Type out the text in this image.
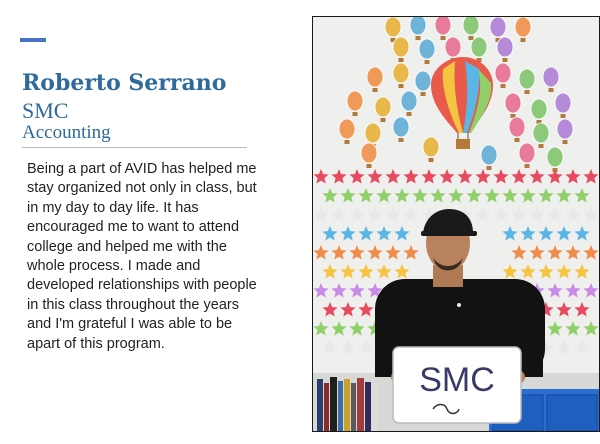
Roberto Serrano
SMC
Accounting
Being a part of AVID has helped me stay organized not only in class, but in my day to day life. It has encouraged me to want to attend college and helped me with the whole process. I made and developed relationships with people in this class throughout the years and I'm grateful I was able to be apart of this program.
SMC
